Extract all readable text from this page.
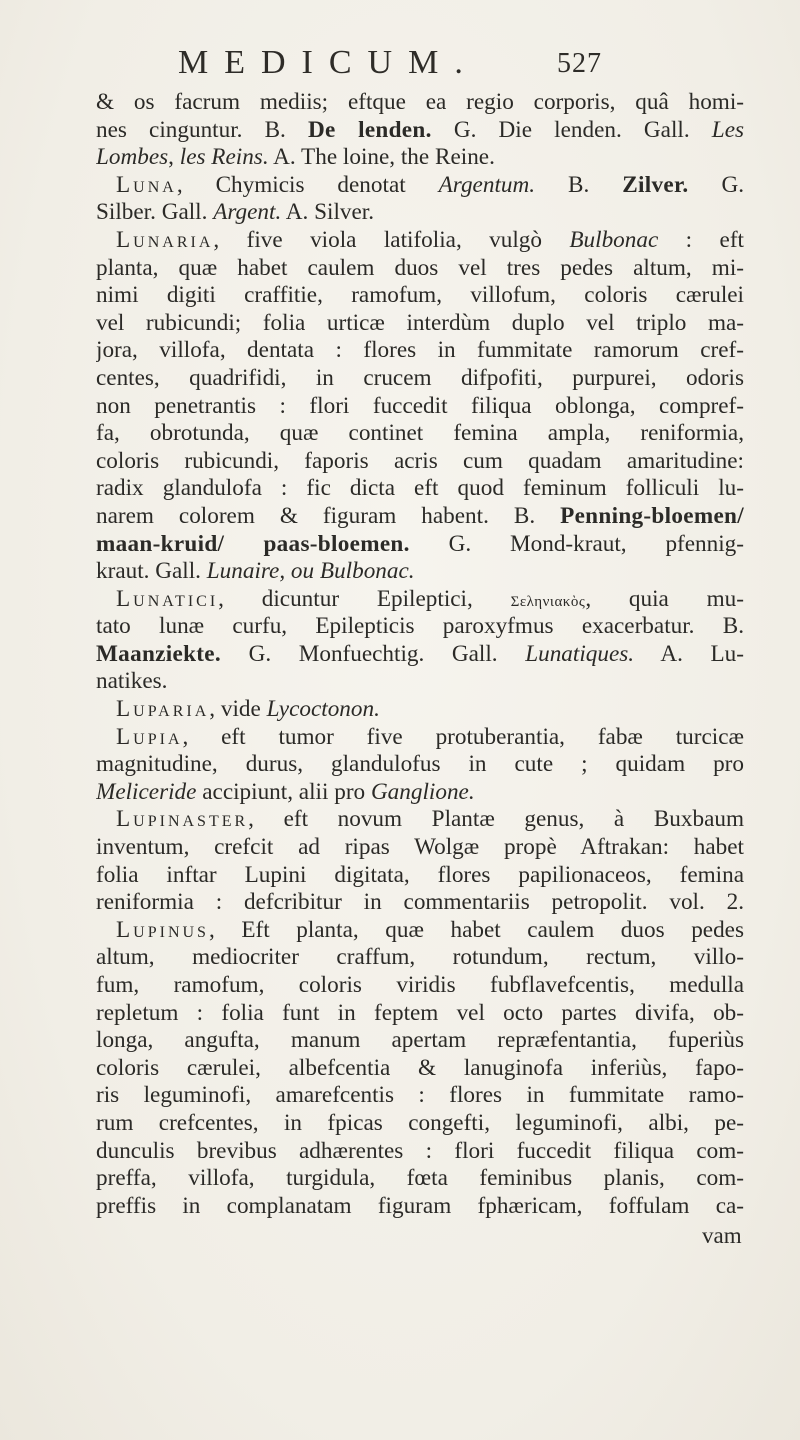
MEDICUM.	527
& os facrum mediis; eftque ea regio corporis, quâ homi-
nes cinguntur. B. De lenden. G. Die lenden. Gall. Les
Lombes, les Reins. A. The loine, the Reine.
Luna, Chymicis denotat Argentum. B. Zilver. G.
Silber. Gall. Argent. A. Silver.
Lunaria, five viola latifolia, vulgò Bulbonac : eft
planta, quæ habet caulem duos vel tres pedes altum, mi-
nimi digiti craffitie, ramofum, villofum, coloris cærulei
vel rubicundi; folia urticæ interdùm duplo vel triplo ma-
jora, villofa, dentata : flores in fummitate ramorum cref-
centes, quadrifidi, in crucem difpofiti, purpurei, odoris
non penetrantis : flori fuccedit filiqua oblonga, compref-
fa, obrotunda, quæ continet femina ampla, reniformia,
coloris rubicundi, faporis acris cum quadam amaritudine:
radix glandulofa : fic dicta eft quod feminum folliculi lu-
narem colorem & figuram habent. B. Penning-bloemen/
maan-kruid/ paas-bloemen. G. Mond-kraut, pfennig-
kraut. Gall. Lunaire, ou Bulbonac.
Lunatici, dicuntur Epileptici, Σεληνιακὸς, quia mu-
tato lunæ curfu, Epilepticis paroxyfmus exacerbatur. B.
Maanziekte. G. Monfuechtig. Gall. Lunatiques. A. Lu-
natikes.
Luparia, vide Lycoctonon.
Lupia, eft tumor five protuberantia, fabæ turcicæ
magnitudine, durus, glandulofus in cute ; quidam pro
Meliceride accipiunt, alii pro Ganglione.
Lupinaster, eft novum Plantæ genus, à Buxbaum
inventum, crefcit ad ripas Wolgæ propè Aftrakan: habet
folia inftar Lupini digitata, flores papilionaceos, femina
reniformia : defcribitur in commentariis petropolit. vol. 2.
Lupinus, Eft planta, quæ habet caulem duos pedes
altum, mediocriter craffum, rotundum, rectum, villo-
fum, ramofum, coloris viridis fubflavefcentis, medulla
repletum : folia funt in feptem vel octo partes divifa, ob-
longa, angufta, manum apertam repræfentantia, fuperiùs
coloris cærulei, albefcentia & lanuginofa inferiùs, fapo-
ris leguminofi, amarefcentis : flores in fummitate ramo-
rum crefcentes, in fpicas congefti, leguminofi, albi, pe-
dunculis brevibus adhærentes : flori fuccedit filiqua com-
preffa, villofa, turgidula, fœta feminibus planis, com-
preffis in complanatam figuram fphæricam, foffulam ca-
vam
